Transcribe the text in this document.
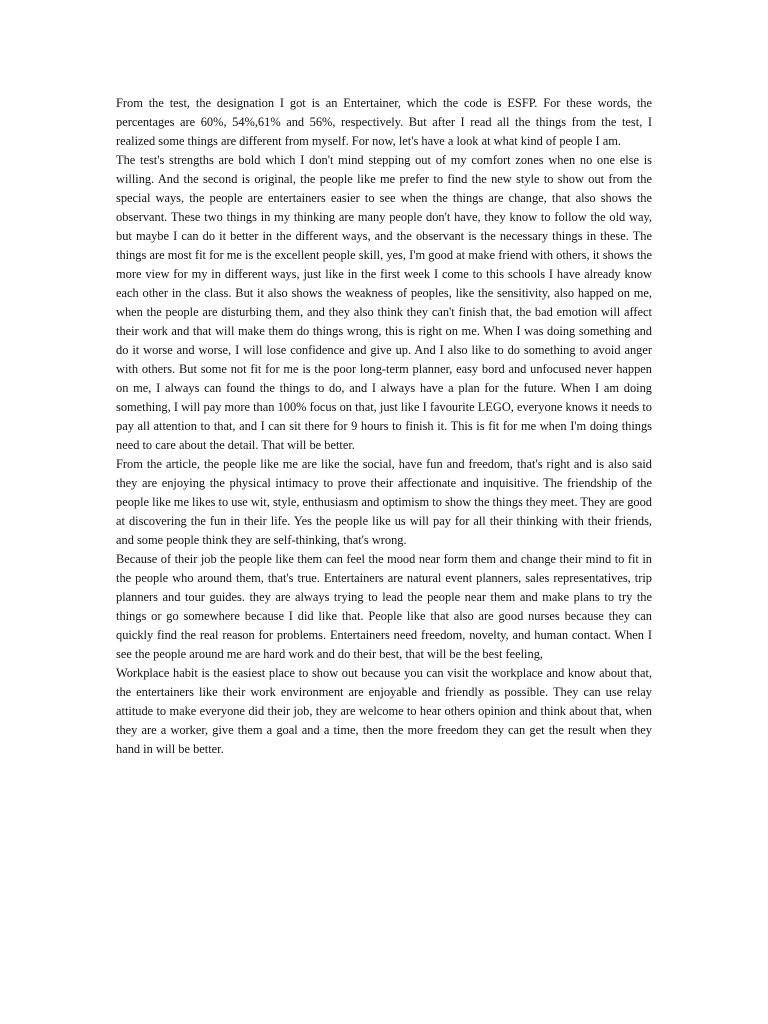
From the test, the designation I got is an Entertainer, which the code is ESFP. For these words, the percentages are 60%, 54%,61% and 56%, respectively. But after I read all the things from the test, I realized some things are different from myself. For now, let's have a look at what kind of people I am.

The test's strengths are bold which I don't mind stepping out of my comfort zones when no one else is willing. And the second is original, the people like me prefer to find the new style to show out from the special ways, the people are entertainers easier to see when the things are change, that also shows the observant. These two things in my thinking are many people don't have, they know to follow the old way, but maybe I can do it better in the different ways, and the observant is the necessary things in these. The things are most fit for me is the excellent people skill, yes, I'm good at make friend with others, it shows the more view for my in different ways, just like in the first week I come to this schools I have already know each other in the class. But it also shows the weakness of peoples, like the sensitivity, also happed on me, when the people are disturbing them, and they also think they can't finish that, the bad emotion will affect their work and that will make them do things wrong, this is right on me. When I was doing something and do it worse and worse, I will lose confidence and give up. And I also like to do something to avoid anger with others. But some not fit for me is the poor long-term planner, easy bord and unfocused never happen on me, I always can found the things to do, and I always have a plan for the future. When I am doing something, I will pay more than 100% focus on that, just like I favourite LEGO, everyone knows it needs to pay all attention to that, and I can sit there for 9 hours to finish it. This is fit for me when I'm doing things need to care about the detail. That will be better.

From the article, the people like me are like the social, have fun and freedom, that's right and is also said they are enjoying the physical intimacy to prove their affectionate and inquisitive. The friendship of the people like me likes to use wit, style, enthusiasm and optimism to show the things they meet. They are good at discovering the fun in their life. Yes the people like us will pay for all their thinking with their friends, and some people think they are self-thinking, that's wrong.

Because of their job the people like them can feel the mood near form them and change their mind to fit in the people who around them, that's true. Entertainers are natural event planners, sales representatives, trip planners and tour guides. they are always trying to lead the people near them and make plans to try the things or go somewhere because I did like that. People like that also are good nurses because they can quickly find the real reason for problems. Entertainers need freedom, novelty, and human contact. When I see the people around me are hard work and do their best, that will be the best feeling,

Workplace habit is the easiest place to show out because you can visit the workplace and know about that, the entertainers like their work environment are enjoyable and friendly as possible. They can use relay attitude to make everyone did their job, they are welcome to hear others opinion and think about that, when they are a worker, give them a goal and a time, then the more freedom they can get the result when they hand in will be better.
